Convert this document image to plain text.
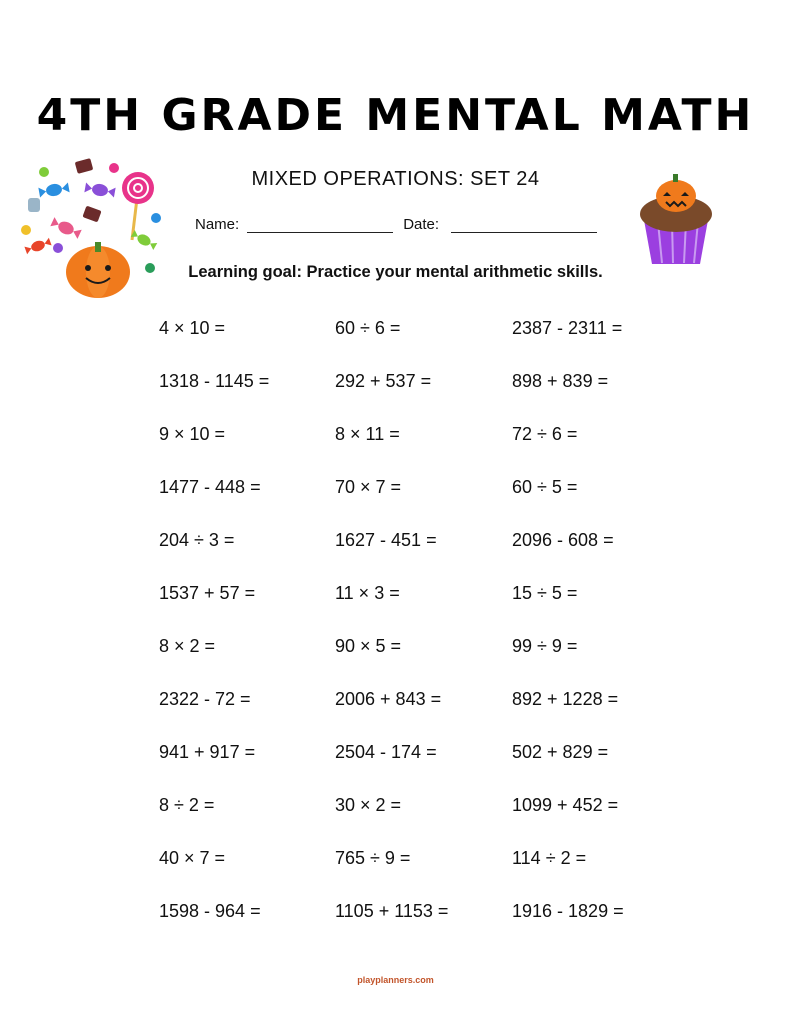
4TH GRADE MENTAL MATH
MIXED OPERATIONS: SET 24
Name:	Date:
Learning goal: Practice your mental arithmetic skills.
4 × 10 =	60 ÷ 6 =	2387 - 2311 =
1318 - 1145 =	292 + 537 =	898 + 839 =
9 × 10 =	8 × 11 =	72 ÷ 6 =
1477 - 448 =	70 × 7 =	60 ÷ 5 =
204 ÷ 3 =	1627 - 451 =	2096 - 608 =
1537 + 57 =	11 × 3 =	15 ÷ 5 =
8 × 2 =	90 × 5 =	99 ÷ 9 =
2322 - 72 =	2006 + 843 =	892 + 1228 =
941 + 917 =	2504 - 174 =	502 + 829 =
8 ÷ 2 =	30 × 2 =	1099 + 452 =
40 × 7 =	765 ÷ 9 =	114 ÷ 2 =
1598 - 964 =	1105 + 1153 =	1916 - 1829 =
playplanners.com
